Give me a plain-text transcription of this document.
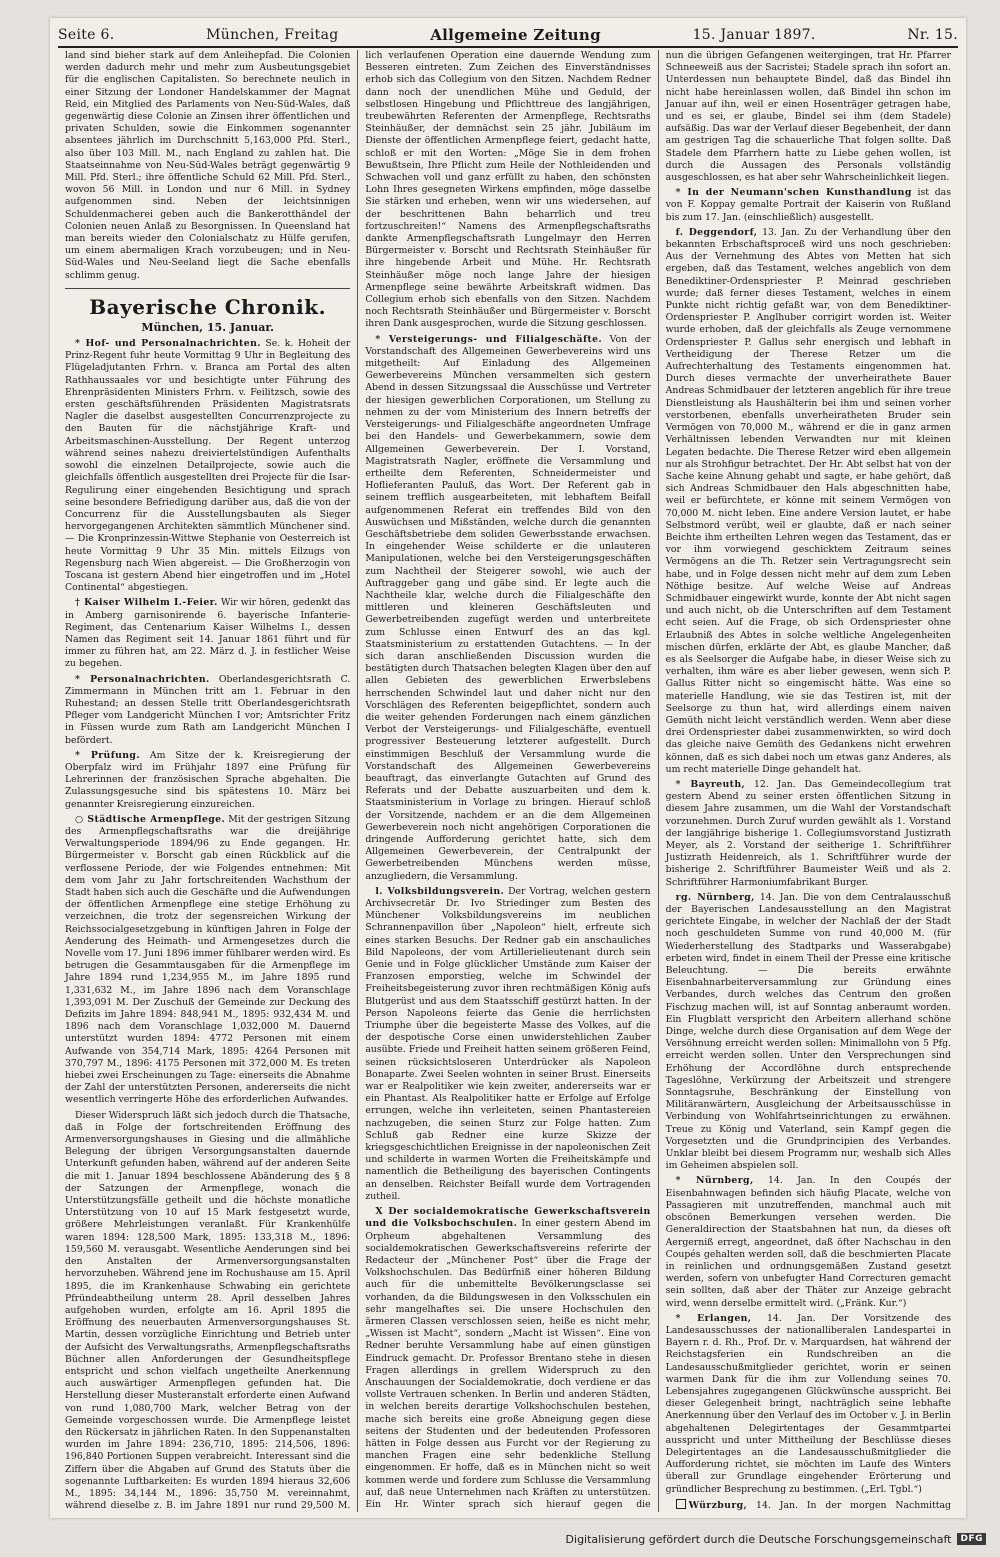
Seite 6.	München, Freitag	Allgemeine Zeitung	15. Januar 1897.	Nr. 15.

land sind bieher stark auf dem Anleihepfad. Die Colonien werden dadurch mehr und mehr zum Ausbeutungsgebiet für die englischen Capitalisten. So berechnete neulich in einer Sitzung der Londoner Handelskammer der Magnat Reid, ein Mitglied des Parlaments von Neu-Süd-Wales, daß gegenwärtig diese Colonie an Zinsen ihrer öffentlichen und privaten Schulden, sowie die Einkommen sogenannter absentees jährlich im Durchschnitt 5,163,000 Pfd. Sterl., also über 103 Mill. M., nach England zu zahlen hat. Die Staatseinnahme von Neu-Süd-Wales beträgt gegenwärtig 9 Mill. Pfd. Sterl.; ihre öffentliche Schuld 62 Mill. Pfd. Sterl., wovon 56 Mill. in London und nur 6 Mill. in Sydney aufgenommen sind. Neben der leichtsinnigen Schuldenmacherei geben auch die Bankerotthändel der Colonien neuen Anlaß zu Besorgnissen. In Queensland hat man bereits wieder den Colonialschatz zu Hülfe gerufen, um einem abermaligen Krach vorzubeugen; und in Neu-Süd-Wales und Neu-Seeland liegt die Sache ebenfalls schlimm genug.

Bayerische Chronik.
München, 15. Januar.

* Hof- und Personalnachrichten. Se. k. Hoheit der Prinz-Regent fuhr heute Vormittag 9 Uhr in Begleitung des Flügeladjutanten Frhrn. v. Branca am Portal des alten Rathhaussaales vor und besichtigte unter Führung des Ehrenpräsidenten Ministers Frhrn. v. Feilitzsch, sowie des ersten geschäftsführenden Präsidenten Magistratsrats Nagler die daselbst ausgestellten Concurrenzprojecte zu den Bauten für die nächstjährige Kraft- und Arbeitsmaschinen-Ausstellung. Der Regent unterzog während seines nahezu dreiviertelstündigen Aufenthalts sowohl die einzelnen Detailprojecte, sowie auch die gleichfalls öffentlich ausgestellten drei Projecte für die Isar-Regulirung einer eingehenden Besichtigung und sprach seine besondere Befriedigung darüber aus, daß die von der Concurrenz für die Ausstellungsbauten als Sieger hervorgegangenen Architekten sämmtlich Münchener sind. — Die Kronprinzessin-Wittwe Stephanie von Oesterreich ist heute Vormittag 9 Uhr 35 Min. mittels Eilzugs von Regensburg nach Wien abgereist. — Die Großherzogin von Toscana ist gestern Abend hier eingetroffen und im „Hotel Continental“ abgestiegen.

† Kaiser Wilhelm I.-Feier. Wir wir hören, gedenkt das in Amberg garnisonirende 6. bayerische Infanterie-Regiment, das Centenarium Kaiser Wilhelms I., dessen Namen das Regiment seit 14. Januar 1861 führt und für immer zu führen hat, am 22. März d. J. in festlicher Weise zu begehen.

* Personalnachrichten. Oberlandesgerichtsrath C. Zimmermann in München tritt am 1. Februar in den Ruhestand; an dessen Stelle tritt Oberlandesgerichtsrath Pfleger vom Landgericht München I vor; Amtsrichter Fritz in Füssen wurde zum Rath am Landgericht München I befördert.

* Prüfung. Am Sitze der k. Kreisregierung der Oberpfalz wird im Frühjahr 1897 eine Prüfung für Lehrerinnen der französischen Sprache abgehalten. Die Zulassungsgesuche sind bis spätestens 10. März bei genannter Kreisregierung einzureichen.

○ Städtische Armenpflege. Mit der gestrigen Sitzung des Armenpflegschaftsraths war die dreijährige Verwaltungsperiode 1894/96 zu Ende gegangen. Hr. Bürgermeister v. Borscht gab einen Rückblick auf die verflossene Periode, der wie Folgendes entnehmen: Mit dem vom Jahr zu Jahr fortschreitenden Wachsthum der Stadt haben sich auch die Geschäfte und die Aufwendungen der öffentlichen Armenpflege eine stetige Erhöhung zu verzeichnen, die trotz der segensreichen Wirkung der Reichssocialgesetzgebung in künftigen Jahren in Folge der Aenderung des Heimath- und Armengesetzes durch die Novelle vom 17. Juni 1896 immer fühlbarer werden wird. Es betrugen die Gesammtausgaben für die Armenpflege im Jahre 1894 rund 1,234,955 M., im Jahre 1895 rund 1,331,632 M., im Jahre 1896 nach dem Voranschlage 1,393,091 M. Der Zuschuß der Gemeinde zur Deckung des Defizits im Jahre 1894: 848,941 M., 1895: 932,434 M. und 1896 nach dem Voranschlage 1,032,000 M. Dauernd unterstützt wurden 1894: 4772 Personen mit einem Aufwande von 354,714 Mark, 1895: 4264 Personen mit 370,797 M., 1896: 4175 Personen mit 372,000 M. Es treten hiebei zwei Erscheinungen zu Tage: einerseits die Abnahme der Zahl der unterstützten Personen, andererseits die nicht wesentlich verringerte Höhe des erforderlichen Aufwandes.

Dieser Widerspruch läßt sich jedoch durch die Thatsache, daß in Folge der fortschreitenden Eröffnung des Armenversorgungshauses in Giesing und die allmähliche Belegung der übrigen Versorgungsanstalten dauernde Unterkunft gefunden haben, während auf der anderen Seite die mit 1. Januar 1894 beschlossene Abänderung des § 8 der Satzungen der Armenpflege, wonach die Unterstützungsfälle getheilt und die höchste monatliche Unterstützung von 10 auf 15 Mark festgesetzt wurde, größere Mehrleistungen veranlaßt. Für Krankenhülfe waren 1894: 128,500 Mark, 1895: 133,318 M., 1896: 159,560 M. verausgabt. Wesentliche Aenderungen sind bei den Anstalten der Armenversorgungsanstalten hervorzuheben. Während jene im Rochushause am 15. April 1895, die im Krankenhause Schwabing ein gerichtete Pfründeabtheilung unterm 28. April desselben Jahres aufgehoben wurden, erfolgte am 16. April 1895 die Eröffnung des neuerbauten Armenversorgungshauses St. Martin, dessen vorzügliche Einrichtung und Betrieb unter der Aufsicht des Verwaltungsraths, Armenpflegschaftsraths Büchner allen Anforderungen der Gesundheitspflege entspricht und schon vielfach ungetheilte Anerkennung auch auswärtiger Armenpflegen gefunden hat. Die Herstellung dieser Musteranstalt erforderte einen Aufwand von rund 1,080,700 Mark, welcher Betrag von der Gemeinde vorgeschossen wurde. Die Armenpflege leistet den Rückersatz in jährlichen Raten. In den Suppenanstalten wurden im Jahre 1894: 236,710, 1895: 214,506, 1896: 196,840 Portionen Suppen verabreicht. Interessant sind die Ziffern über die Abgaben auf Grund des Statuts über die sogenannte Luftbarkeiten: Es wurden 1894 hieraus 32,606 M., 1895: 34,144 M., 1896: 35,750 M. vereinnahmt, während dieselbe z. B. im Jahre 1891 nur rund 29,500 M.

lich verlaufenen Operation eine dauernde Wendung zum Besseren eintreten. Zum Zeichen des Einverständnisses erhob sich das Collegium von den Sitzen. Nachdem Redner dann noch der unendlichen Mühe und Geduld, der selbstlosen Hingebung und Pflichttreue des langjährigen, treubewährten Referenten der Armenpflege, Rechtsraths Steinhäußer, der demnächst sein 25 jähr. Jubiläum im Dienste der öffentlichen Armenpflege feiert, gedacht hatte, schloß er mit den Worten: „Möge Sie in dem frohen Bewußtsein, Ihre Pflicht zum Heile der Nothleidenden und Schwachen voll und ganz erfüllt zu haben, den schönsten Lohn Ihres gesegneten Wirkens empfinden, möge dasselbe Sie stärken und erheben, wenn wir uns wiedersehen, auf der beschrittenen Bahn beharrlich und treu fortzuschreiten!“ Namens des Armenpflegschaftsraths dankte Armenpflegschaftsrath Lungelmayr den Herren Bürgermeister v. Borscht und Rechtsrath Steinhäußer für ihre hingebende Arbeit und Mühe. Hr. Rechtsrath Steinhäußer möge noch lange Jahre der hiesigen Armenpflege seine bewährte Arbeitskraft widmen. Das Collegium erhob sich ebenfalls von den Sitzen. Nachdem noch Rechtsrath Steinhäußer und Bürgermeister v. Borscht ihren Dank ausgesprochen, wurde die Sitzung geschlossen.

* Versteigerungs- und Filialgeschäfte. Von der Vorstandschaft des Allgemeinen Gewerbevereins wird uns mitgetheilt: Auf Einladung des Allgemeinen Gewerbevereins München versammelten sich gestern Abend in dessen Sitzungssaal die Ausschüsse und Vertreter der hiesigen gewerblichen Corporationen, um Stellung zu nehmen zu der vom Ministerium des Innern betreffs der Versteigerungs- und Filialgeschäfte angeordneten Umfrage bei den Handels- und Gewerbekammern, sowie dem Allgemeinen Gewerbeverein. Der I. Vorstand, Magistratsrath Nagler, eröffnete die Versammlung und ertheilte dem Referenten, Schneidermeister und Hoflieferanten Pauluß, das Wort. Der Referent gab in seinem trefflich ausgearbeiteten, mit lebhaftem Beifall aufgenommenen Referat ein treffendes Bild von den Auswüchsen und Mißständen, welche durch die genannten Geschäftsbetriebe dem soliden Gewerbsstande erwachsen. In eingehender Weise schilderte er die unlauteren Manipulationen, welche bei den Versteigerungsgeschäften zum Nachtheil der Steigerer sowohl, wie auch der Auftraggeber gang und gäbe sind. Er legte auch die Nachtheile klar, welche durch die Filialgeschäfte den mittleren und kleineren Geschäftsleuten und Gewerbetreibenden zugefügt werden und unterbreitete zum Schlusse einen Entwurf des an das kgl. Staatsministerium zu erstattenden Gutachtens. — In der sich daran anschließenden Discussion wurden die bestätigten durch Thatsachen belegten Klagen über den auf allen Gebieten des gewerblichen Erwerbslebens herrschenden Schwindel laut und daher nicht nur den Vorschlägen des Referenten beigepflichtet, sondern auch die weiter gehenden Forderungen nach einem gänzlichen Verbot der Versteigerungs- und Filialgeschäfte, eventuell progressiver Besteuerung letzterer aufgestellt. Durch einstimmigen Beschluß der Versammlung wurde die Vorstandschaft des Allgemeinen Gewerbevereins beauftragt, das einverlangte Gutachten auf Grund des Referats und der Debatte auszuarbeiten und dem k. Staatsministerium in Vorlage zu bringen. Hierauf schloß der Vorsitzende, nachdem er an die dem Allgemeinen Gewerbeverein noch nicht angehörigen Corporationen die dringende Aufforderung gerichtet hatte, sich dem Allgemeinen Gewerbeverein, der Centralpunkt der Gewerbetreibenden Münchens werden müsse, anzugliedern, die Versammlung.

l. Volksbildungsverein. Der Vortrag, welchen gestern Archivsecretär Dr. Ivo Striedinger zum Besten des Münchener Volksbildungsvereins im neublichen Schrannenpavillon über „Napoleon“ hielt, erfreute sich eines starken Besuchs. Der Redner gab ein anschauliches Bild Napoleons, der vom Artillerielieutenant durch sein Genie und in Folge glücklicher Umstände zum Kaiser der Franzosen emporstieg, welche im Schwindel der Freiheitsbegeisterung zuvor ihren rechtmäßigen König aufs Blutgerüst und aus dem Staatsschiff gestürzt hatten. In der Person Napoleons feierte das Genie die herrlichsten Triumphe über die begeisterte Masse des Volkes, auf die der despotische Corse einen unwiderstehlichen Zauber ausübte. Friede und Freiheit hatten seinem größeren Feind, seinen rücksichtsloseren Unterdrücker als Napoleon Bonaparte. Zwei Seelen wohnten in seiner Brust. Einerseits war er Realpolitiker wie kein zweiter, andererseits war er ein Phantast. Als Realpolitiker hatte er Erfolge auf Erfolge errungen, welche ihn verleiteten, seinen Phantastereien nachzugeben, die seinen Sturz zur Folge hatten. Zum Schluß gab Redner eine kurze Skizze der kriegsgeschichtlichen Ereignisse in der napoleonischen Zeit und schilderte in warmen Worten die Freiheitskämpfe und namentlich die Betheiligung des bayerischen Contingents an denselben. Reichster Beifall wurde dem Vortragenden zutheil.

X Der socialdemokratische Gewerkschaftsverein und die Volksbochschulen. In einer gestern Abend im Orpheum abgehaltenen Versammlung des socialdemokratischen Gewerkschaftsvereins referirte der Redacteur der „Münchener Post“ über die Frage der Volkshochschulen. Das Bedürfniß einer höheren Bildung auch für die unbemittelte Bevölkerungsclasse sei vorhanden, da die Bildungswesen in den Volksschulen ein sehr mangelhaftes sei. Die unsere Hochschulen den ärmeren Classen verschlossen seien, heiße es nicht mehr, „Wissen ist Macht“, sondern „Macht ist Wissen“. Eine von Redner beruhte Versammlung habe auf einen günstigen Eindruck gemacht. Dr. Professor Brentano stehe in diesen Fragen allerdings in grellem Widerspruch zu den Anschauungen der Socialdemokratie, doch verdiene er das vollste Vertrauen schenken. In Berlin und anderen Städten, in welchen bereits derartige Volkshochschulen bestehen, mache sich bereits eine große Abneigung gegen diese seitens der Studenten und der bedeutenden Professoren hätten in Folge dessen aus Furcht vor der Regierung zu manchen Fragen eine sehr bedenkliche Stellung eingenommen. Er hoffe, daß es in München nicht so weit kommen werde und fordere zum Schlusse die Versammlung auf, daß neue Unternehmen nach Kräften zu unterstützen. Ein Hr. Winter sprach sich hierauf gegen die

nun die übrigen Gefangenen weitergingen, trat Hr. Pfarrer Schneeweiß aus der Sacristei; Stadele sprach ihn sofort an. Unterdessen nun behauptete Bindel, daß das Bindel ihn nicht habe hereinlassen wollen, daß Bindel ihn schon im Januar auf ihn, weil er einen Hosenträger getragen habe, und es sei, er glaube, Bindel sei ihm (dem Stadele) aufsäßig. Das war der Verlauf dieser Begebenheit, der dann am gestrigen Tag die schauerliche That folgen sollte. Daß Stadele dem Pfarrhern hatte zu Liebe gehen wollen, ist durch die Aussagen des Personals vollständig ausgeschlossen, es hat aber sehr Wahrscheinlichkeit liegen.

* In der Neumann'schen Kunsthandlung ist das von F. Koppay gemalte Portrait der Kaiserin von Rußland bis zum 17. Jan. (einschließlich) ausgestellt.

f. Deggendorf, 13. Jan. Zu der Verhandlung über den bekannten Erbschaftsproceß wird uns noch geschrieben: Aus der Vernehmung des Abtes von Metten hat sich ergeben, daß das Testament, welches angeblich von dem Benediktiner-Ordenspriester P. Meinrad geschrieben wurde; daß ferner dieses Testament, welches in einem Punkte nicht richtig gefaßt war, von dem Benediktiner-Ordenspriester P. Anglhuber corrigirt worden ist. Weiter wurde erhoben, daß der gleichfalls als Zeuge vernommene Ordenspriester P. Gallus sehr energisch und lebhaft in Vertheidigung der Therese Retzer um die Aufrechterhaltung des Testaments eingenommen hat. Durch dieses vermachte der unverheirathete Bauer Andreas Schmidbauer der letzteren angeblich für ihre treue Dienstleistung als Haushälterin bei ihm und seinen vorher verstorbenen, ebenfalls unverheiratheten Bruder sein Vermögen von 70,000 M., während er die in ganz armen Verhältnissen lebenden Verwandten nur mit kleinen Legaten bedachte. Die Therese Retzer wird eben allgemein nur als Strohfigur betrachtet. Der Hr. Abt selbst hat von der Sache keine Ahnung gehabt und sagte, er habe gehört, daß sich Andreas Schmidbauer den Hals abgeschnitten habe, weil er befürchtete, er könne mit seinem Vermögen von 70,000 M. nicht leben. Eine andere Version lautet, er habe Selbstmord verübt, weil er glaubte, daß er nach seiner Beichte ihm ertheilten Lehren wegen das Testament, das er vor ihm vorwiegend geschicktem Zeitraum seines Vermögens an die Th. Retzer sein Vertragungsrecht sein habe, und in Folge dessen nicht mehr auf dem zum Leben Nöthige besitze. Auf welche Weise auf Andreas Schmidbauer eingewirkt wurde, konnte der Abt nicht sagen und auch nicht, ob die Unterschriften auf dem Testament echt seien. Auf die Frage, ob sich Ordenspriester ohne Erlaubniß des Abtes in solche weltliche Angelegenheiten mischen dürfen, erklärte der Abt, es glaube Mancher, daß es als Seelsorger die Aufgabe habe, in dieser Weise sich zu verhalten, ihm wäre es aber lieber gewesen, wenn sich P. Gallus Ritter nicht so eingemischt hätte. Was eine so materielle Handlung, wie sie das Testiren ist, mit der Seelsorge zu thun hat, wird allerdings einem naiven Gemüth nicht leicht verständlich werden. Wenn aber diese drei Ordenspriester dabei zusammenwirkten, so wird doch das gleiche naive Gemüth des Gedankens nicht erwehren können, daß es sich dabei noch um etwas ganz Anderes, als um recht materielle Dinge gehandelt hat.

* Bayreuth, 12. Jan. Das Gemeindecollegium trat gestern Abend zu seiner ersten öffentlichen Sitzung in diesem Jahre zusammen, um die Wahl der Vorstandschaft vorzunehmen. Durch Zuruf wurden gewählt als 1. Vorstand der langjährige bisherige 1. Collegiumsvorstand Justizrath Meyer, als 2. Vorstand der seitherige 1. Schriftführer Justizrath Heidenreich, als 1. Schriftführer wurde der bisherige 2. Schriftführer Baumeister Weiß und als 2. Schriftführer Harmoniumfabrikant Burger.

rg. Nürnberg, 14. Jan. Die von dem Centralausschuß der Bayerischen Landesausstellung an den Magistrat gerichtete Eingabe, in welcher der Nachlaß der der Stadt noch geschuldeten Summe von rund 40,000 M. (für Wiederherstellung des Stadtparks und Wasserabgabe) erbeten wird, findet in einem Theil der Presse eine kritische Beleuchtung. — Die bereits erwähnte Eisenbahnarbeiterversammlung zur Gründung eines Verbandes, durch welches das Centrum den großen Fischzug machen will, ist auf Sonntag anberaumt worden. Ein Flugblatt verspricht den Arbeitern allerhand schöne Dinge, welche durch diese Organisation auf dem Wege der Versöhnung erreicht werden sollen: Minimallohn von 5 Pfg. erreicht werden sollen. Unter den Versprechungen sind Erhöhung der Accordlöhne durch entsprechende Tageslöhne, Verkürzung der Arbeitszeit und strengere Sonntagsruhe, Beschränkung der Einstellung von Militäranwärtern, Ausgleichung der Arbeitsausschüsse in Verbindung von Wohlfahrtseinrichtungen zu erwähnen. Treue zu König und Vaterland, sein Kampf gegen die Vorgesetzten und die Grundprincipien des Verbandes. Unklar bleibt bei diesem Programm nur, weshalb sich Alles im Geheimen abspielen soll.

* Nürnberg, 14. Jan. In den Coupés der Eisenbahnwagen befinden sich häufig Placate, welche von Passagieren mit unzutreffenden, manchmal auch mit obscönen Bemerkungen versehen werden. Die Generaldirection der Staatsbahnen hat nun, da dieses oft Aergerniß erregt, angeordnet, daß öfter Nachschau in den Coupés gehalten werden soll, daß die beschmierten Placate in reinlichen und ordnungsgemäßen Zustand gesetzt werden, sofern von unbefugter Hand Correcturen gemacht sein sollten, daß aber der Thäter zur Anzeige gebracht wird, wenn derselbe ermittelt wird. („Fränk. Kur.“)

* Erlangen, 14. Jan. Der Vorsitzende des Landesausschusses der nationalliberalen Landespartei in Bayern r. d. Rh., Prof. Dr. v. Marquardsen, hat während der Reichstagsferien ein Rundschreiben an die Landesausschußmitglieder gerichtet, worin er seinen warmen Dank für die ihm zur Vollendung seines 70. Lebensjahres zugegangenen Glückwünsche ausspricht. Bei dieser Gelegenheit bringt, nachträglich seine lebhafte Anerkennung über den Verlauf des im October v. J. in Berlin abgehaltenen Delegirtentages der Gesammtpartei ausspricht und unter Mittheilung der Beschlüsse dieses Delegirtentages an die Landesausschußmitglieder die Aufforderung richtet, sie möchten im Laufe des Winters überall zur Grundlage eingehender Erörterung und gründlicher Besprechung zu bestimmen. („Erl. Tgbl.“)

Würzburg, 14. Jan. In der morgen Nachmittag

Digitalisierung gefördert durch die Deutsche Forschungsgemeinschaft	DFG
